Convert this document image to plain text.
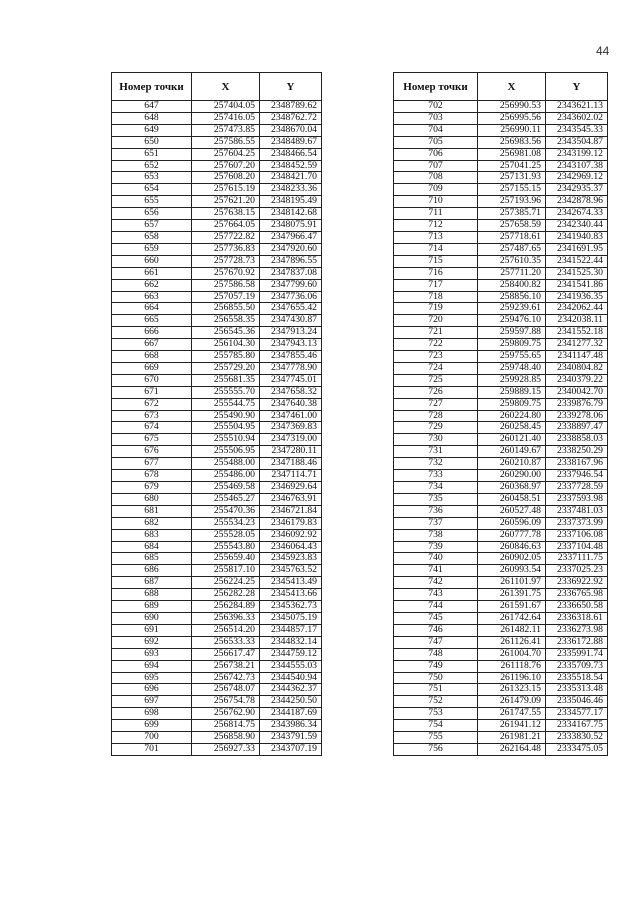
44
Номер точки	X	Y
647	257404.05	2348789.62
648	257416.05	2348762.72
649	257473.85	2348670.04
650	257586.55	2348489.67
651	257604.25	2348466.54
652	257607.20	2348452.59
653	257608.20	2348421.70
654	257615.19	2348233.36
655	257621.20	2348195.49
656	257638.15	2348142.68
657	257664.05	2348075.91
658	257722.82	2347966.47
659	257736.83	2347920.60
660	257728.73	2347896.55
661	257670.92	2347837.08
662	257586.58	2347799.60
663	257057.19	2347736.06
664	256855.50	2347655.42
665	256558.35	2347430.87
666	256545.36	2347913.24
667	256104.30	2347943.13
668	255785.80	2347855.46
669	255729.20	2347778.90
670	255681.35	2347745.01
671	255555.70	2347658.32
672	255544.75	2347640.38
673	255490.90	2347461.00
674	255504.95	2347369.83
675	255510.94	2347319.00
676	255506.95	2347280.11
677	255488.00	2347188.46
678	255486.00	2347114.71
679	255469.58	2346929.64
680	255465.27	2346763.91
681	255470.36	2346721.84
682	255534.23	2346179.83
683	255528.05	2346092.92
684	255543.80	2346064.43
685	255659.40	2345923.83
686	255817.10	2345763.52
687	256224.25	2345413.49
688	256282.28	2345413.66
689	256284.89	2345362.73
690	256396.33	2345075.19
691	256514.20	2344857.17
692	256533.33	2344832.14
693	256617.47	2344759.12
694	256738.21	2344555.03
695	256742.73	2344540.94
696	256748.07	2344362.37
697	256754.78	2344250.50
698	256762.90	2344187.69
699	256814.75	2343986.34
700	256858.90	2343791.59
701	256927.33	2343707.19
Номер точки	X	Y
702	256990.53	2343621.13
703	256995.56	2343602.02
704	256990.11	2343545.33
705	256983.56	2343504.87
706	256981.08	2343199.12
707	257041.25	2343107.38
708	257131.93	2342969.12
709	257155.15	2342935.37
710	257193.96	2342878.96
711	257385.71	2342674.33
712	257658.59	2342340.44
713	257718.61	2341940.83
714	257487.65	2341691.95
715	257610.35	2341522.44
716	257711.20	2341525.30
717	258400.82	2341541.86
718	258856.10	2341936.35
719	259239.61	2342062.44
720	259476.10	2342038.11
721	259597.88	2341552.18
722	259809.75	2341277.32
723	259755.65	2341147.48
724	259748.40	2340804.82
725	259928.85	2340379.22
726	259889.15	2340042.70
727	259809.75	2339876.79
728	260224.80	2339278.06
729	260258.45	2338897.47
730	260121.40	2338858.03
731	260149.67	2338250.29
732	260210.87	2338167.96
733	260290.00	2337946.54
734	260368.97	2337728.59
735	260458.51	2337593.98
736	260527.48	2337481.03
737	260596.09	2337373.99
738	260777.78	2337106.08
739	260846.63	2337104.48
740	260902.05	2337111.75
741	260993.54	2337025.23
742	261101.97	2336922.92
743	261391.75	2336765.98
744	261591.67	2336650.58
745	261742.64	2336318.61
746	261482.11	2336273.98
747	261126.41	2336172.88
748	261004.70	2335991.74
749	261118.76	2335709.73
750	261196.10	2335518.54
751	261323.15	2335313.48
752	261479.09	2335046.46
753	261747.55	2334577.17
754	261941.12	2334167.75
755	261981.21	2333830.52
756	262164.48	2333475.05
